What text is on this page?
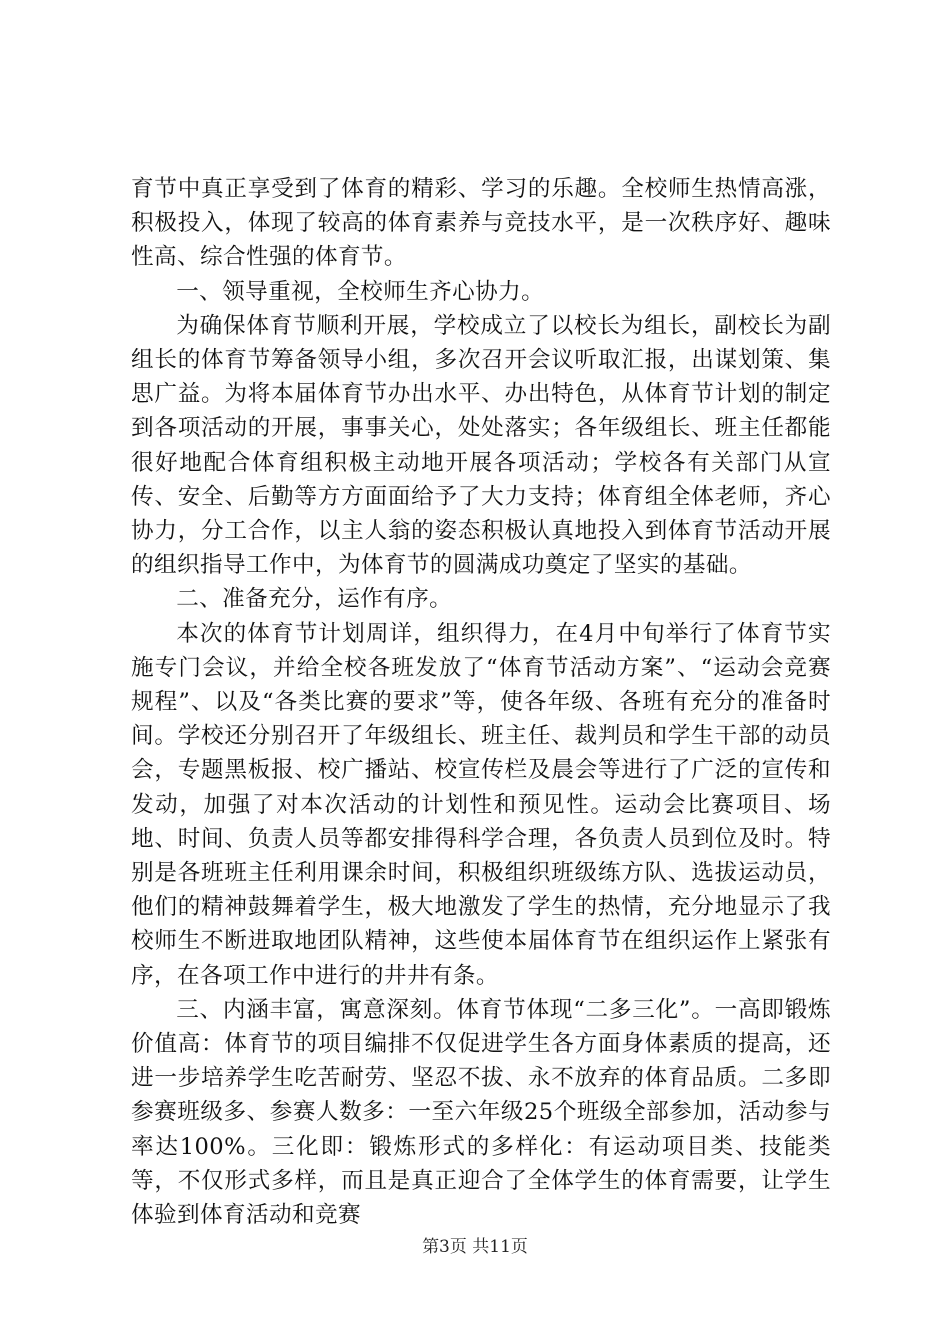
育节中真正享受到了体育的精彩、学习的乐趣。全校师生热情高涨，积极投入，体现了较高的体育素养与竞技水平，是一次秩序好、趣味性高、综合性强的体育节。

一、领导重视，全校师生齐心协力。

为确保体育节顺利开展，学校成立了以校长为组长，副校长为副组长的体育节筹备领导小组，多次召开会议听取汇报，出谋划策、集思广益。为将本届体育节办出水平、办出特色，从体育节计划的制定到各项活动的开展，事事关心，处处落实；各年级组长、班主任都能很好地配合体育组积极主动地开展各项活动；学校各有关部门从宣传、安全、后勤等方方面面给予了大力支持；体育组全体老师，齐心协力，分工合作，以主人翁的姿态积极认真地投入到体育节活动开展的组织指导工作中，为体育节的圆满成功奠定了坚实的基础。

二、准备充分，运作有序。

本次的体育节计划周详，组织得力，在4月中旬举行了体育节实施专门会议，并给全校各班发放了“体育节活动方案”、“运动会竞赛规程”、以及“各类比赛的要求”等，使各年级、各班有充分的准备时间。学校还分别召开了年级组长、班主任、裁判员和学生干部的动员会，专题黑板报、校广播站、校宣传栏及晨会等进行了广泛的宣传和发动，加强了对本次活动的计划性和预见性。运动会比赛项目、场地、时间、负责人员等都安排得科学合理，各负责人员到位及时。特别是各班班主任利用课余时间，积极组织班级练方队、选拔运动员，他们的精神鼓舞着学生，极大地激发了学生的热情，充分地显示了我校师生不断进取地团队精神，这些使本届体育节在组织运作上紧张有序，在各项工作中进行的井井有条。

三、内涵丰富，寓意深刻。体育节体现“二多三化”。一高即锻炼价值高：体育节的项目编排不仅促进学生各方面身体素质的提高，还进一步培养学生吃苦耐劳、坚忍不拔、永不放弃的体育品质。二多即参赛班级多、参赛人数多：一至六年级25个班级全部参加，活动参与率达100%。三化即：锻炼形式的多样化：有运动项目类、技能类等，不仅形式多样，而且是真正迎合了全体学生的体育需要，让学生体验到体育活动和竞赛

第3页 共11页
